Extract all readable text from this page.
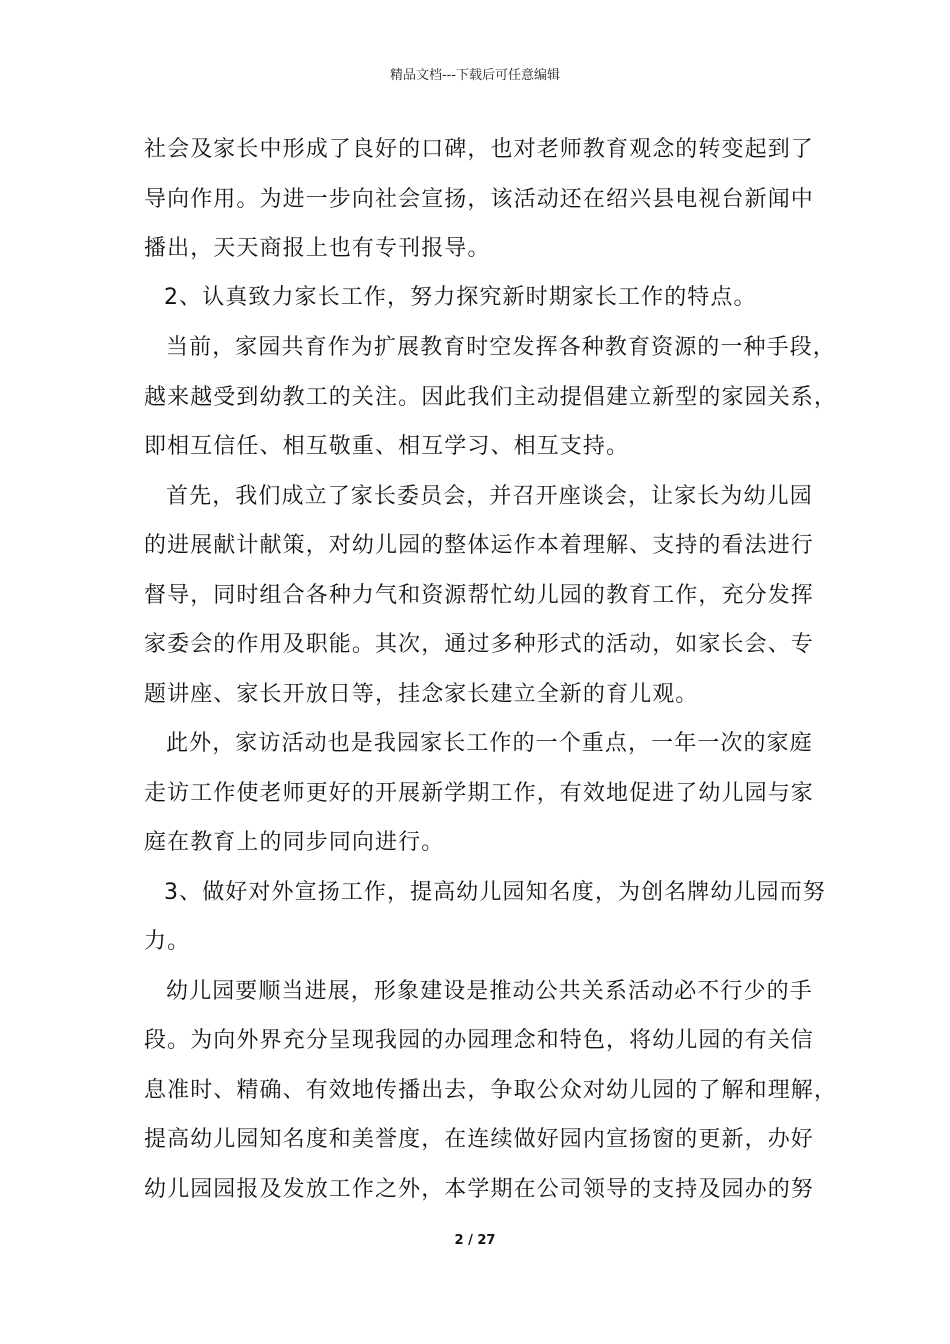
精品文档---下载后可任意编辑
社会及家长中形成了良好的口碑，也对老师教育观念的转变起到了
导向作用。为进一步向社会宣扬，该活动还在绍兴县电视台新闻中
播出，天天商报上也有专刊报导。
2、认真致力家长工作，努力探究新时期家长工作的特点。
当前，家园共育作为扩展教育时空发挥各种教育资源的一种手段，
越来越受到幼教工的关注。因此我们主动提倡建立新型的家园关系，
即相互信任、相互敬重、相互学习、相互支持。
首先，我们成立了家长委员会，并召开座谈会，让家长为幼儿园
的进展献计献策，对幼儿园的整体运作本着理解、支持的看法进行
督导，同时组合各种力气和资源帮忙幼儿园的教育工作，充分发挥
家委会的作用及职能。其次，通过多种形式的活动，如家长会、专
题讲座、家长开放日等，挂念家长建立全新的育儿观。
此外，家访活动也是我园家长工作的一个重点，一年一次的家庭
走访工作使老师更好的开展新学期工作，有效地促进了幼儿园与家
庭在教育上的同步同向进行。
3、做好对外宣扬工作，提高幼儿园知名度，为创名牌幼儿园而努
力。
幼儿园要顺当进展，形象建设是推动公共关系活动必不行少的手
段。为向外界充分呈现我园的办园理念和特色，将幼儿园的有关信
息准时、精确、有效地传播出去，争取公众对幼儿园的了解和理解，
提高幼儿园知名度和美誉度，在连续做好园内宣扬窗的更新，办好
幼儿园园报及发放工作之外，本学期在公司领导的支持及园办的努
2 / 27
